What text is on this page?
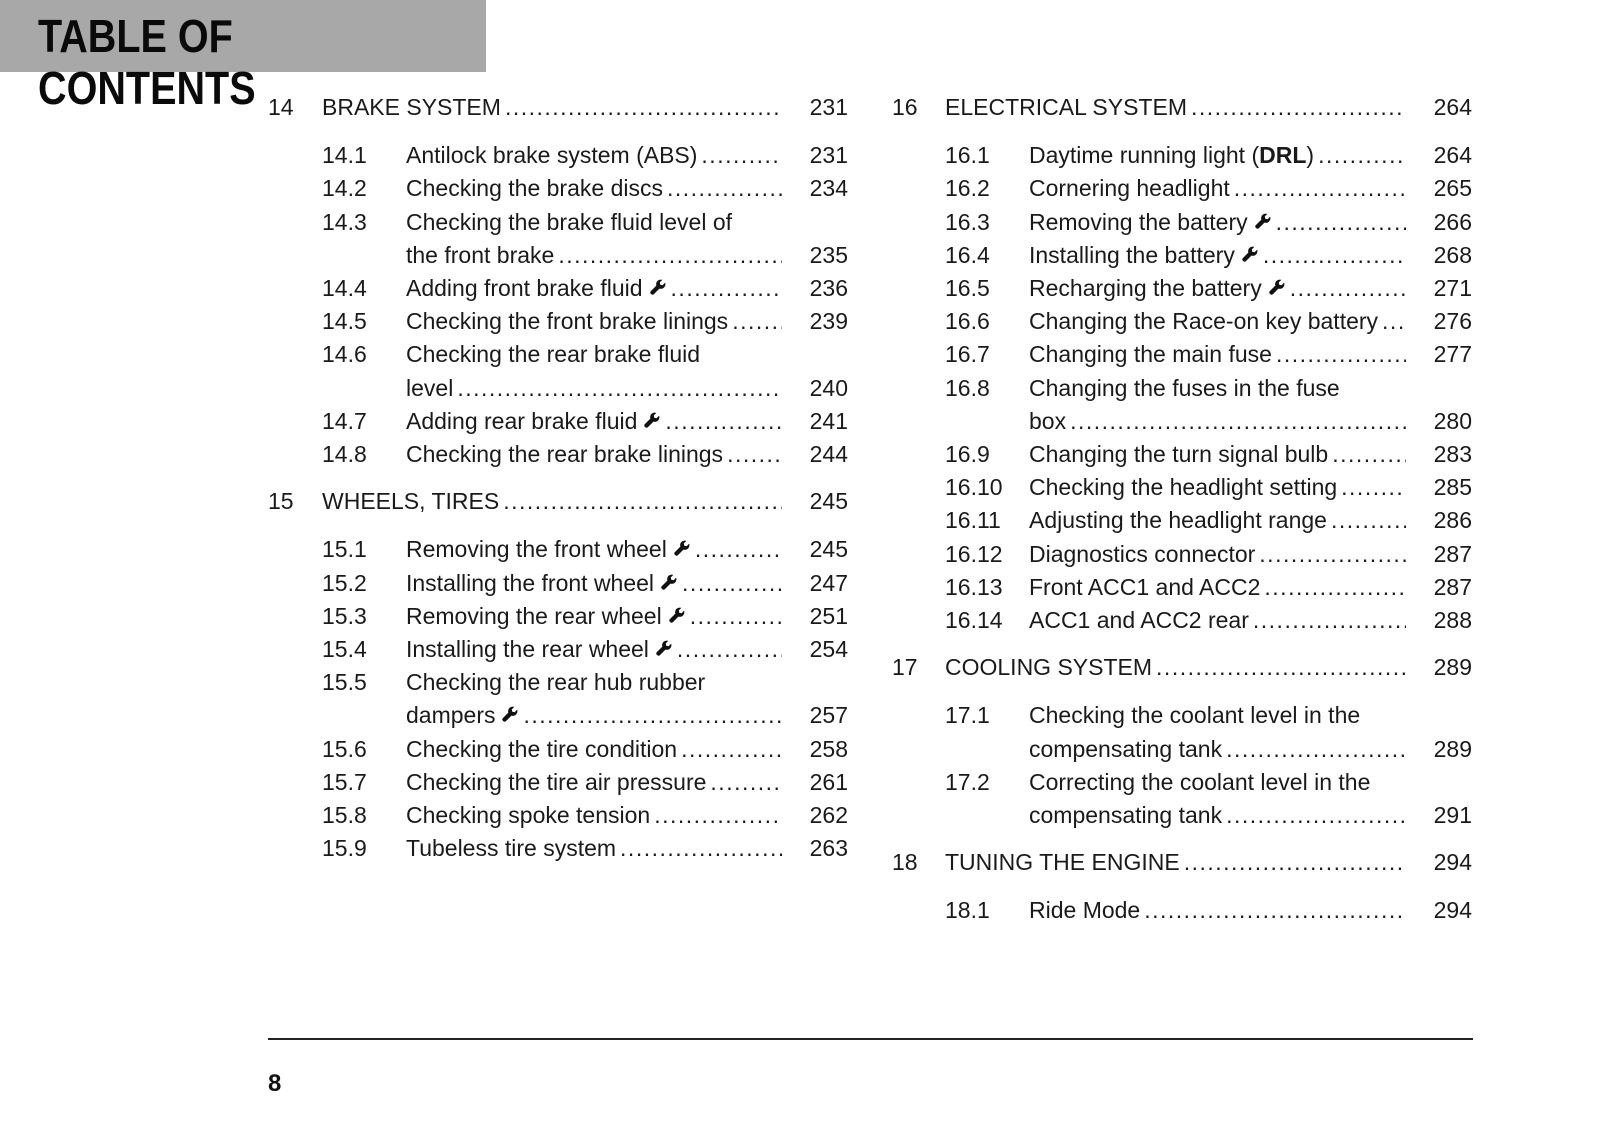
TABLE OF CONTENTS 14 BRAKE SYSTEM .....	231
14.1 Antilock brake system (ABS) .....	231
14.2 Checking the brake discs .....	234
14.3 Checking the brake fluid level of
the front brake .....	235
14.4 Adding front brake fluid .....	236
14.5 Checking the front brake linings .....	239
14.6 Checking the rear brake fluid
level .....	240
14.7 Adding rear brake fluid .....	241
14.8 Checking the rear brake linings .....	244
15 WHEELS, TIRES .....	245
15.1 Removing the front wheel .....	245
15.2 Installing the front wheel .....	247
15.3 Removing the rear wheel .....	251
15.4 Installing the rear wheel .....	254
15.5 Checking the rear hub rubber
dampers .....	257
15.6 Checking the tire condition .....	258
15.7 Checking the tire air pressure .....	261
15.8 Checking spoke tension .....	262
15.9 Tubeless tire system .....	263
16 ELECTRICAL SYSTEM .....	264
16.1 Daytime running light ( DRL ) .....	264
16.2 Cornering headlight .....	265
16.3 Removing the battery .....	266
16.4 Installing the battery .....	268
16.5 Recharging the battery .....	271
16.6 Changing the Race-on key battery .....	276
16.7 Changing the main fuse .....	277
16.8 Changing the fuses in the fuse
box .....	280
16.9 Changing the turn signal bulb .....	283
16.10 Checking the headlight setting .....	285
16.11 Adjusting the headlight range .....	286
16.12 Diagnostics connector .....	287
16.13 Front ACC1 and ACC2 .....	287
16.14 ACC1 and ACC2 rear .....	288
17 COOLING SYSTEM .....	289
17.1 Checking the coolant level in the
compensating tank .....	289
17.2 Correcting the coolant level in the
compensating tank .....	291
18 TUNING THE ENGINE .....	294
18.1 Ride Mode .....	294
8
